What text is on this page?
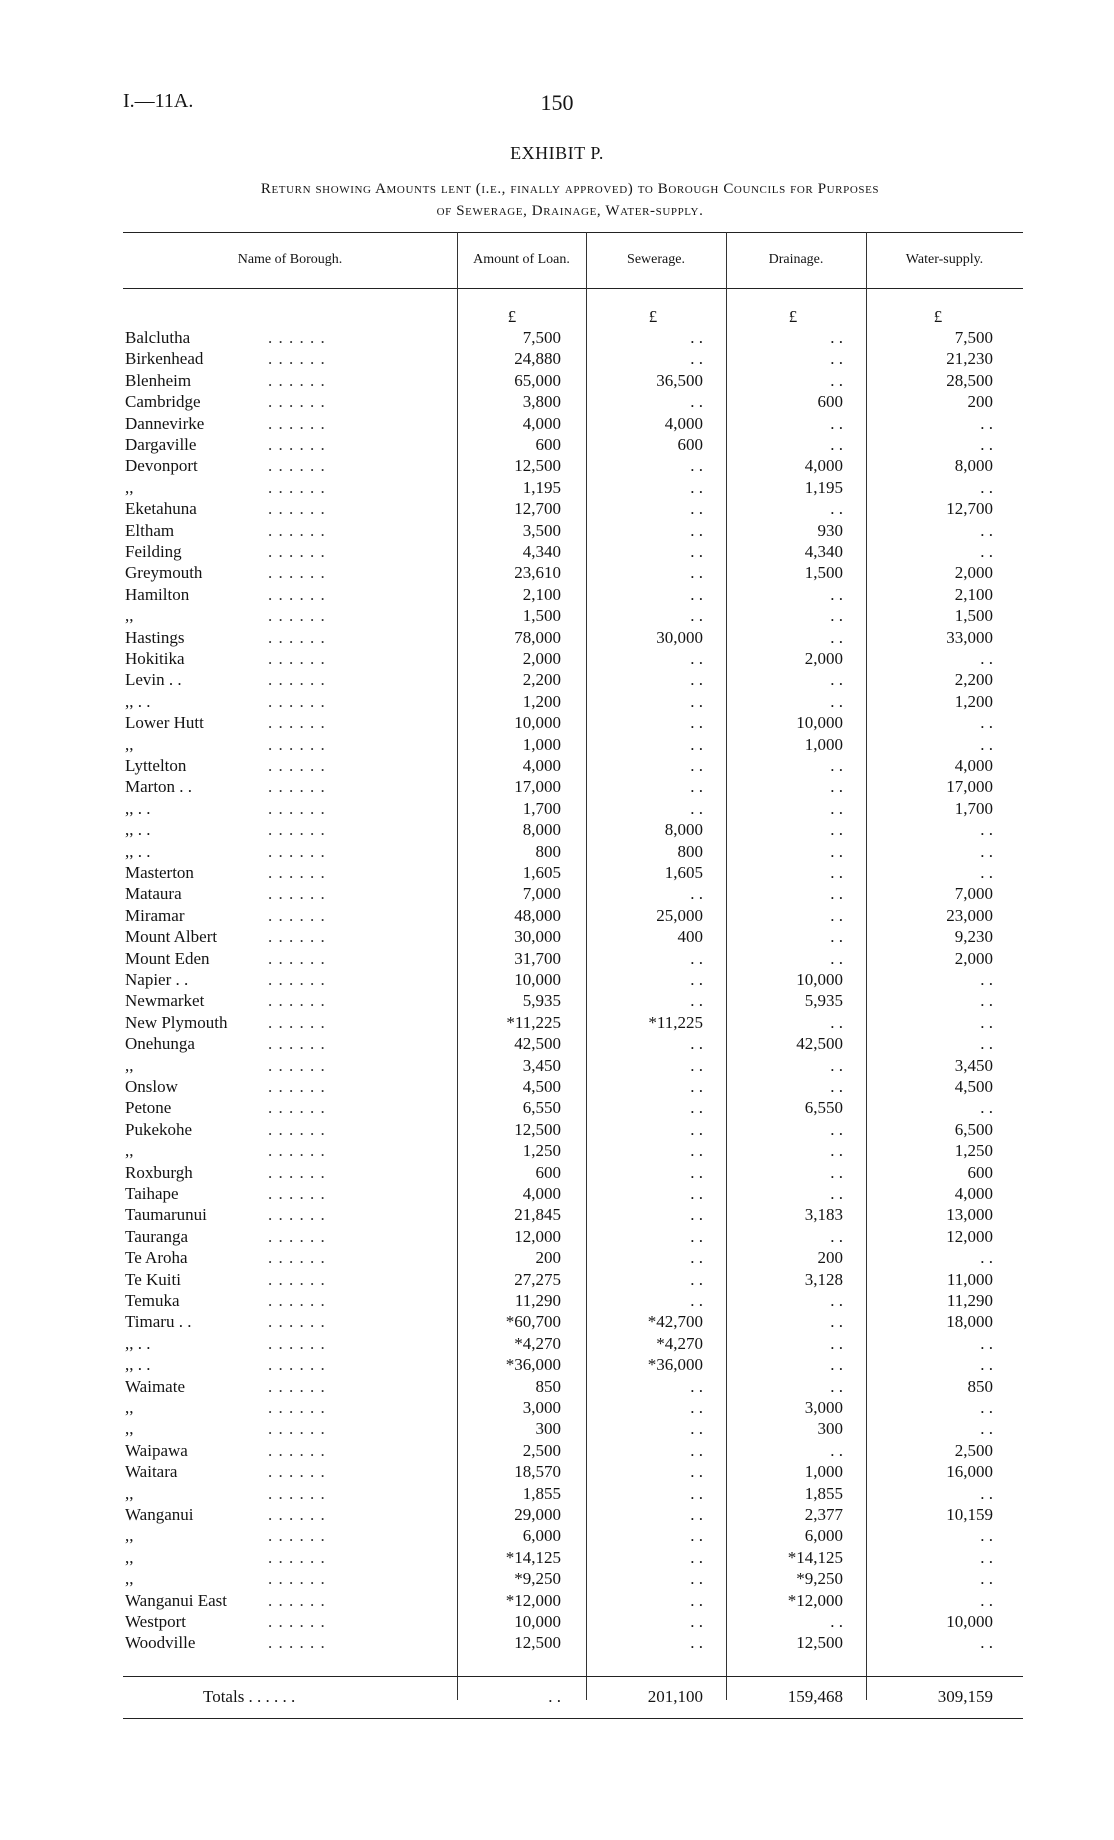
I.—11A.	150
EXHIBIT P.
Return showing Amounts lent (i.e., finally approved) to Borough Councils for Purposes
of Sewerage, Drainage, Water-supply.
Name of Borough.	Amount of Loan.	Sewerage.	Drainage.	Water-supply.
£	£	£	£
Balclutha	. . . . . .	7,500	. .	. .	7,500
Birkenhead	. . . . . .	24,880	. .	. .	21,230
Blenheim	. . . . . .	65,000	36,500	. .	28,500
Cambridge	. . . . . .	3,800	. .	600	200
Dannevirke	. . . . . .	4,000	4,000	. .	. .
Dargaville	. . . . . .	600	600	. .	. .
Devonport	. . . . . .	12,500	. .	4,000	8,000
,,	. . . . . .	1,195	. .	1,195	. .
Eketahuna	. . . . . .	12,700	. .	. .	12,700
Eltham	. . . . . .	3,500	. .	930	. .
Feilding	. . . . . .	4,340	. .	4,340	. .
Greymouth	. . . . . .	23,610	. .	1,500	2,000
Hamilton	. . . . . .	2,100	. .	. .	2,100
,,	. . . . . .	1,500	. .	. .	1,500
Hastings	. . . . . .	78,000	30,000	. .	33,000
Hokitika	. . . . . .	2,000	. .	2,000	. .
Levin . .	. . . . . .	2,200	. .	. .	2,200
,, . .	. . . . . .	1,200	. .	. .	1,200
Lower Hutt	. . . . . .	10,000	. .	10,000	. .
,,	. . . . . .	1,000	. .	1,000	. .
Lyttelton	. . . . . .	4,000	. .	. .	4,000
Marton . .	. . . . . .	17,000	. .	. .	17,000
,, . .	. . . . . .	1,700	. .	. .	1,700
,, . .	. . . . . .	8,000	8,000	. .	. .
,, . .	. . . . . .	800	800	. .	. .
Masterton	. . . . . .	1,605	1,605	. .	. .
Mataura	. . . . . .	7,000	. .	. .	7,000
Miramar	. . . . . .	48,000	25,000	. .	23,000
Mount Albert	. . . . . .	30,000	400	. .	9,230
Mount Eden	. . . . . .	31,700	. .	. .	2,000
Napier . .	. . . . . .	10,000	. .	10,000	. .
Newmarket	. . . . . .	5,935	. .	5,935	. .
New Plymouth . . . . . .	*11,225	*11,225	. .	. .
Onehunga	. . . . . .	42,500	. .	42,500	. .
,,	. . . . . .	3,450	. .	. .	3,450
Onslow	. . . . . .	4,500	. .	. .	4,500
Petone	. . . . . .	6,550	. .	6,550	. .
Pukekohe	. . . . . .	12,500	. .	. .	6,500
,,	. . . . . .	1,250	. .	. .	1,250
Roxburgh	. . . . . .	600	. .	. .	600
Taihape	. . . . . .	4,000	. .	. .	4,000
Taumarunui	. . . . . .	21,845	. .	3,183	13,000
Tauranga	. . . . . .	12,000	. .	. .	12,000
Te Aroha	. . . . . .	200	. .	200	. .
Te Kuiti	. . . . . .	27,275	. .	3,128	11,000
Temuka	. . . . . .	11,290	. .	. .	11,290
Timaru . .	. . . . . .	*60,700	*42,700	. .	18,000
,, . .	. . . . . .	*4,270	*4,270	. .	. .
,, . .	. . . . . .	*36,000	*36,000	. .	. .
Waimate	. . . . . .	850	. .	. .	850
,,	. . . . . .	3,000	. .	3,000	. .
,,	. . . . . .	300	. .	300	. .
Waipawa	. . . . . .	2,500	. .	. .	2,500
Waitara	. . . . . .	18,570	. .	1,000	16,000
,,	. . . . . .	1,855	. .	1,855	. .
Wanganui	. . . . . .	29,000	. .	2,377	10,159
,,	. . . . . .	6,000	. .	6,000	. .
,,	. . . . . .	*14,125	. .	*14,125	. .
,,	. . . . . .	*9,250	. .	*9,250	. .
Wanganui East . . . . . .	*12,000	. .	*12,000	. .
Westport	. . . . . .	10,000	. .	. .	10,000
Woodville	. . . . . .	12,500	. .	12,500	. .
Totals . . . . . .	. .	201,100	159,468	309,159
